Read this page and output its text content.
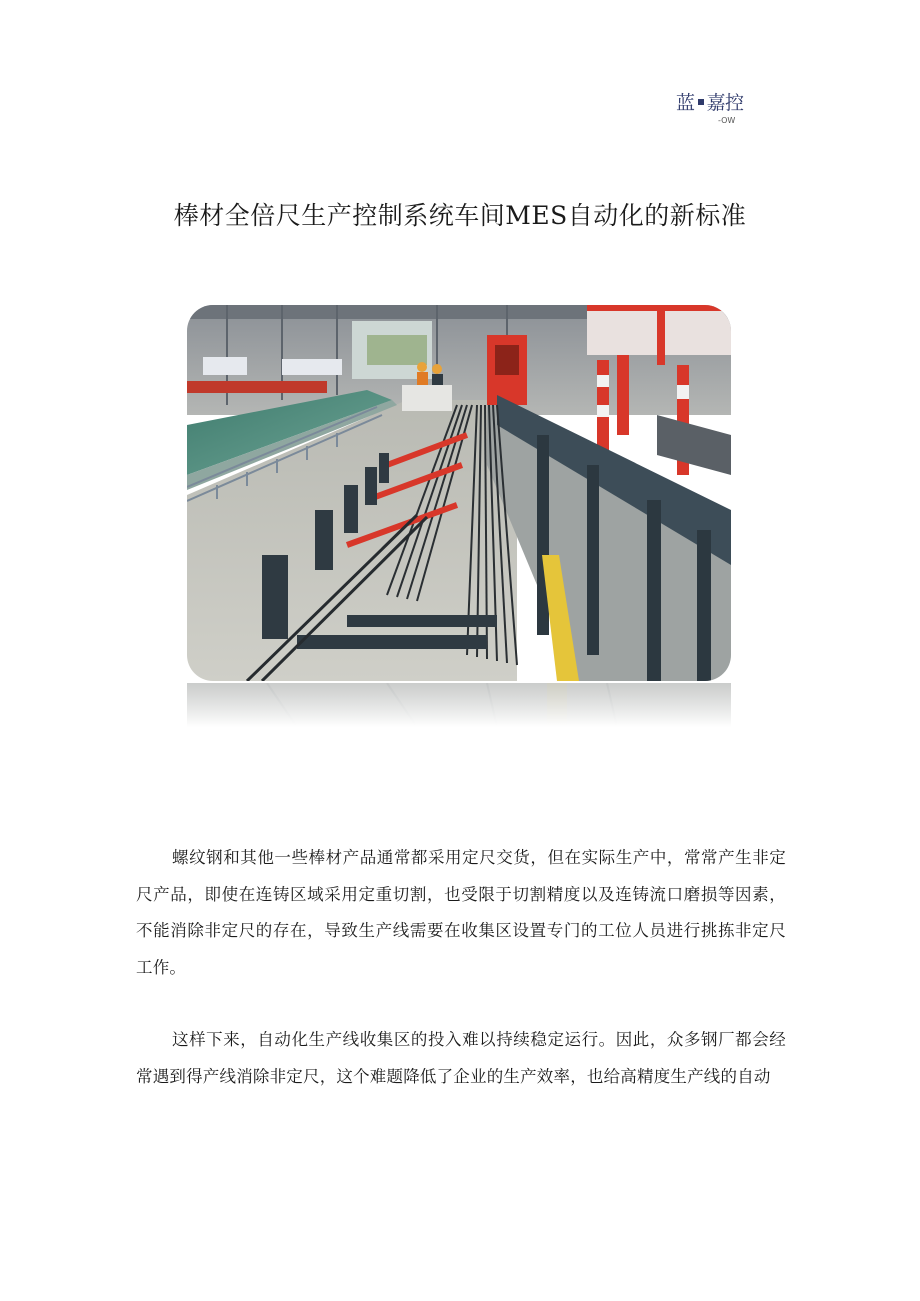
蓝 嘉控
-OW
棒材全倍尺生产控制系统车间MES自动化的新标准

螺纹钢和其他一些棒材产品通常都采用定尺交货，但在实际生产中，常常产生非定尺产品，即使在连铸区域采用定重切割，也受限于切割精度以及连铸流口磨损等因素，不能消除非定尺的存在，导致生产线需要在收集区设置专门的工位人员进行挑拣非定尺工作。

这样下来，自动化生产线收集区的投入难以持续稳定运行。因此，众多钢厂都会经常遇到得产线消除非定尺，这个难题降低了企业的生产效率，也给高精度生产线的自动
